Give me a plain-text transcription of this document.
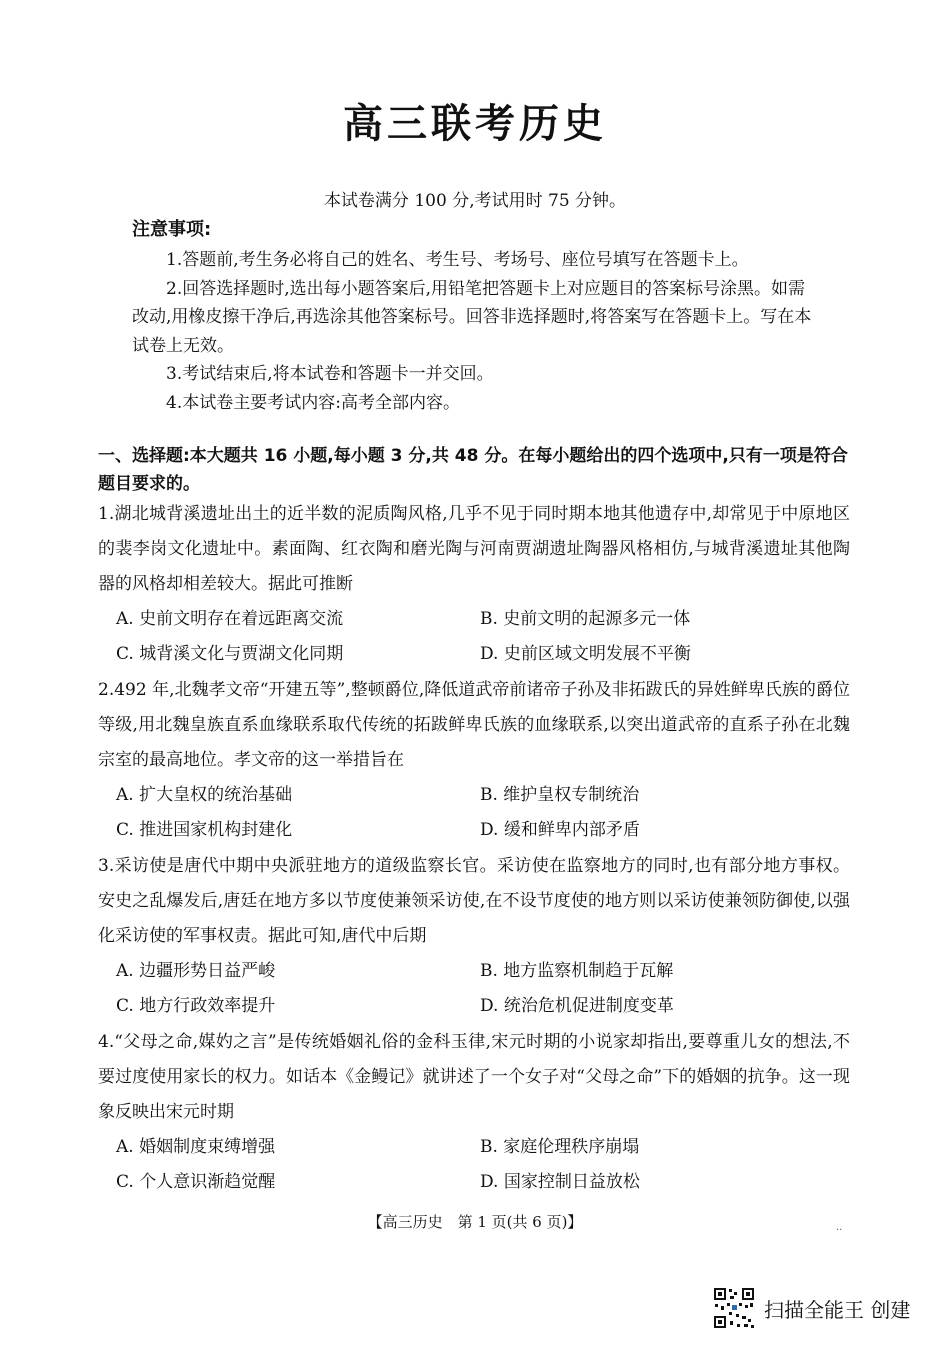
高三联考历史
本试卷满分 100 分,考试用时 75 分钟。
注意事项:

1.答题前,考生务必将自己的姓名、考生号、考场号、座位号填写在答题卡上。

2.回答选择题时,选出每小题答案后,用铅笔把答题卡上对应题目的答案标号涂黑。如需改动,用橡皮擦干净后,再选涂其他答案标号。回答非选择题时,将答案写在答题卡上。写在本试卷上无效。

3.考试结束后,将本试卷和答题卡一并交回。

4.本试卷主要考试内容:高考全部内容。

一、选择题:本大题共 16 小题,每小题 3 分,共 48 分。在每小题给出的四个选项中,只有一项是符合题目要求的。
1.湖北城背溪遗址出土的近半数的泥质陶风格,几乎不见于同时期本地其他遗存中,却常见于中原地区的裴李岗文化遗址中。素面陶、红衣陶和磨光陶与河南贾湖遗址陶器风格相仿,与城背溪遗址其他陶器的风格却相差较大。据此可推断
A. 史前文明存在着远距离交流	B. 史前文明的起源多元一体
C. 城背溪文化与贾湖文化同期	D. 史前区域文明发展不平衡
2.492 年,北魏孝文帝“开建五等”,整顿爵位,降低道武帝前诸帝子孙及非拓跋氏的异姓鲜卑氏族的爵位等级,用北魏皇族直系血缘联系取代传统的拓跋鲜卑氏族的血缘联系,以突出道武帝的直系子孙在北魏宗室的最高地位。孝文帝的这一举措旨在
A. 扩大皇权的统治基础	B. 维护皇权专制统治
C. 推进国家机构封建化	D. 缓和鲜卑内部矛盾
3.采访使是唐代中期中央派驻地方的道级监察长官。采访使在监察地方的同时,也有部分地方事权。安史之乱爆发后,唐廷在地方多以节度使兼领采访使,在不设节度使的地方则以采访使兼领防御使,以强化采访使的军事权责。据此可知,唐代中后期
A. 边疆形势日益严峻	B. 地方监察机制趋于瓦解
C. 地方行政效率提升	D. 统治危机促进制度变革
4.“父母之命,媒妁之言”是传统婚姻礼俗的金科玉律,宋元时期的小说家却指出,要尊重儿女的想法,不要过度使用家长的权力。如话本《金鳗记》就讲述了一个女子对“父母之命”下的婚姻的抗争。这一现象反映出宋元时期
A. 婚姻制度束缚增强	B. 家庭伦理秩序崩塌
C. 个人意识渐趋觉醒	D. 国家控制日益放松
【高三历史　第 1 页(共 6 页)】	..
扫描全能王 创建
